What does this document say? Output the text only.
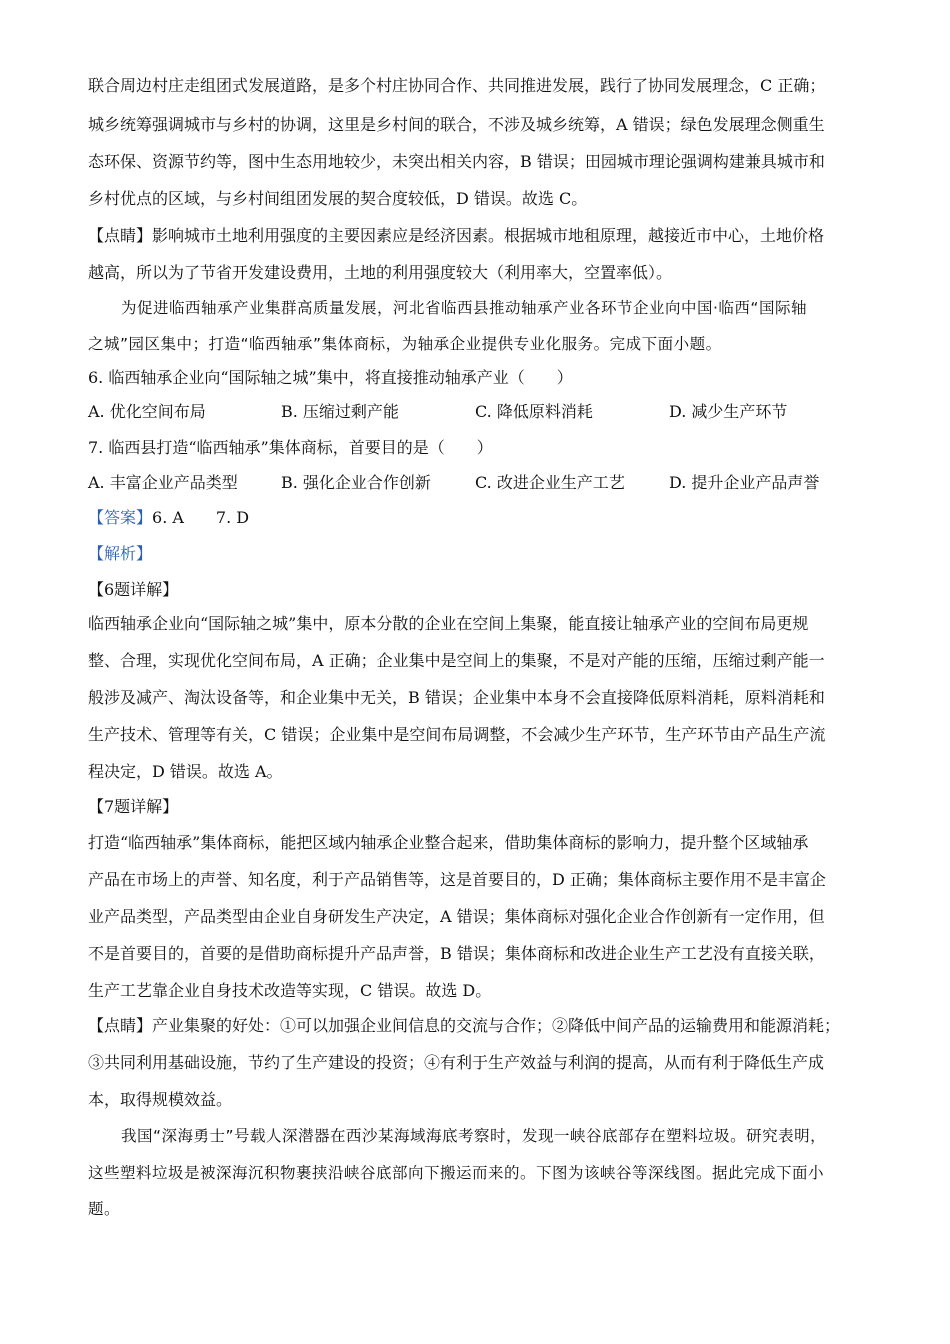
联合周边村庄走组团式发展道路，是多个村庄协同合作、共同推进发展，践行了协同发展理念，C 正确；
城乡统筹强调城市与乡村的协调，这里是乡村间的联合，不涉及城乡统筹，A 错误；绿色发展理念侧重生
态环保、资源节约等，图中生态用地较少，未突出相关内容，B 错误；田园城市理论强调构建兼具城市和
乡村优点的区域，与乡村间组团发展的契合度较低，D 错误。故选 C。
【点睛】影响城市土地利用强度的主要因素应是经济因素。根据城市地租原理，越接近市中心，土地价格
越高，所以为了节省开发建设费用，土地的利用强度较大（利用率大，空置率低）。
为促进临西轴承产业集群高质量发展，河北省临西县推动轴承产业各环节企业向中国·临西“国际轴
之城”园区集中；打造“临西轴承”集体商标，为轴承企业提供专业化服务。完成下面小题。
6. 临西轴承企业向“国际轴之城”集中，将直接推动轴承产业（　　）
A. 优化空间布局	B. 压缩过剩产能	C. 降低原料消耗	D. 减少生产环节
7. 临西县打造“临西轴承”集体商标，首要目的是（　　）
A. 丰富企业产品类型	B. 强化企业合作创新	C. 改进企业生产工艺	D. 提升企业产品声誉
【答案】6. A　　7. D
【解析】
【6题详解】
临西轴承企业向“国际轴之城”集中，原本分散的企业在空间上集聚，能直接让轴承产业的空间布局更规
整、合理，实现优化空间布局，A 正确；企业集中是空间上的集聚，不是对产能的压缩，压缩过剩产能一
般涉及减产、淘汰设备等，和企业集中无关，B 错误；企业集中本身不会直接降低原料消耗，原料消耗和
生产技术、管理等有关，C 错误；企业集中是空间布局调整，不会减少生产环节，生产环节由产品生产流
程决定，D 错误。故选 A。
【7题详解】
打造“临西轴承”集体商标，能把区域内轴承企业整合起来，借助集体商标的影响力，提升整个区域轴承
产品在市场上的声誉、知名度，利于产品销售等，这是首要目的，D 正确；集体商标主要作用不是丰富企
业产品类型，产品类型由企业自身研发生产决定，A 错误；集体商标对强化企业合作创新有一定作用，但
不是首要目的，首要的是借助商标提升产品声誉，B 错误；集体商标和改进企业生产工艺没有直接关联，
生产工艺靠企业自身技术改造等实现，C 错误。故选 D。
【点睛】产业集聚的好处：①可以加强企业间信息的交流与合作；②降低中间产品的运输费用和能源消耗；
③共同利用基础设施，节约了生产建设的投资；④有利于生产效益与利润的提高，从而有利于降低生产成
本，取得规模效益。
我国“深海勇士”号载人深潜器在西沙某海域海底考察时，发现一峡谷底部存在塑料垃圾。研究表明，
这些塑料垃圾是被深海沉积物裹挟沿峡谷底部向下搬运而来的。下图为该峡谷等深线图。据此完成下面小
题。
